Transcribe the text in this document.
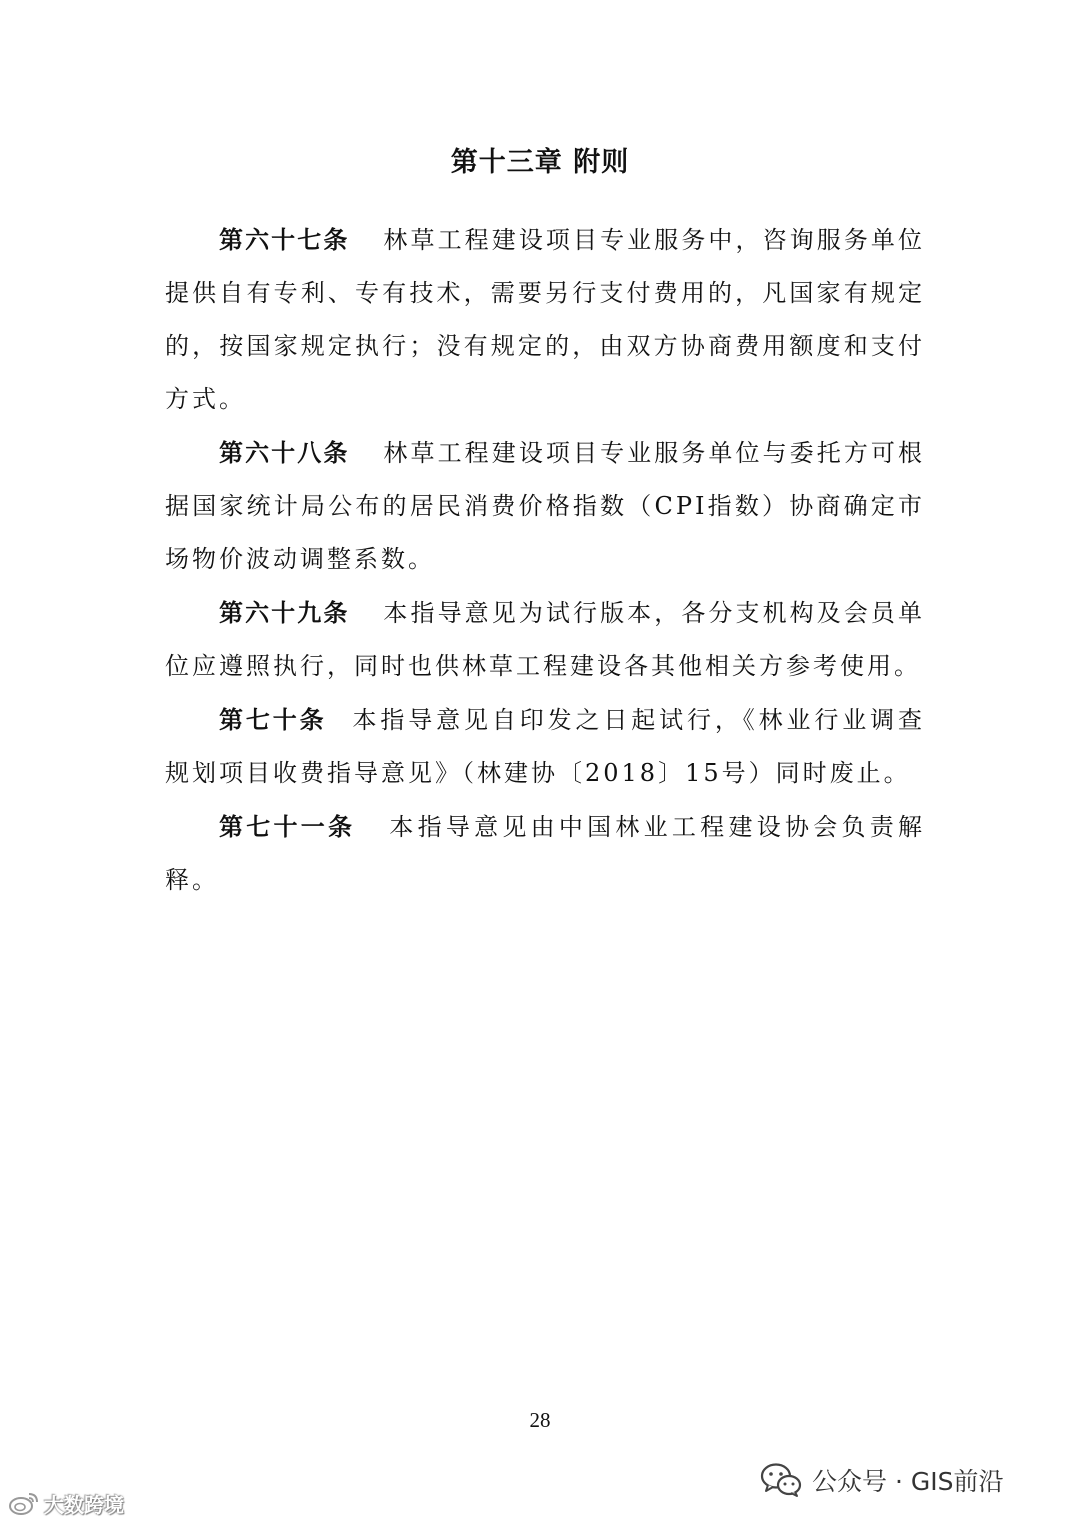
第十三章 附则

第六十七条 林草工程建设项目专业服务中，咨询服务单位提供自有专利、专有技术，需要另行支付费用的，凡国家有规定的，按国家规定执行；没有规定的，由双方协商费用额度和支付方式。

第六十八条 林草工程建设项目专业服务单位与委托方可根据国家统计局公布的居民消费价格指数（CPI指数）协商确定市场物价波动调整系数。

第六十九条 本指导意见为试行版本，各分支机构及会员单位应遵照执行，同时也供林草工程建设各其他相关方参考使用。

第七十条 本指导意见自印发之日起试行，《林业行业调查规划项目收费指导意见》（林建协〔2018〕15号）同时废止。

第七十一条 本指导意见由中国林业工程建设协会负责解释。

28
公众号 · GIS前沿
大数跨境
